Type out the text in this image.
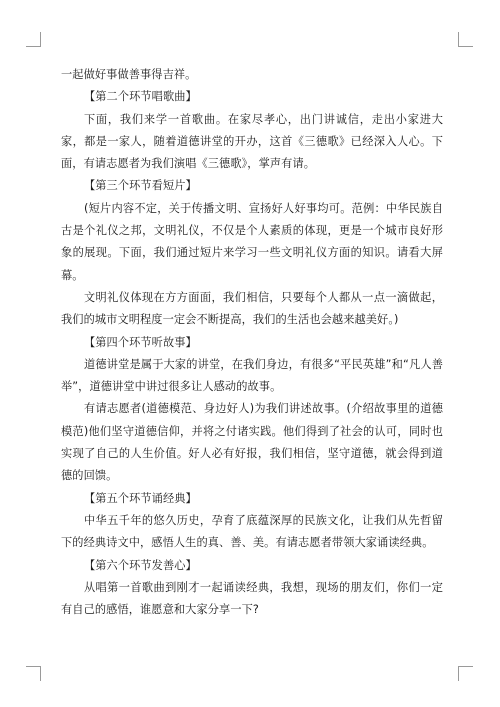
一起做好事做善事得吉祥。

【第二个环节唱歌曲】

下面，我们来学一首歌曲。在家尽孝心，出门讲诚信，走出小家进大家，都是一家人，随着道德讲堂的开办，这首《三德歌》已经深入人心。下面，有请志愿者为我们演唱《三德歌》，掌声有请。

【第三个环节看短片】

(短片内容不定，关于传播文明、宣扬好人好事均可。范例：中华民族自古是个礼仪之邦，文明礼仪，不仅是个人素质的体现，更是一个城市良好形象的展现。下面，我们通过短片来学习一些文明礼仪方面的知识。请看大屏幕。

文明礼仪体现在方方面面，我们相信，只要每个人都从一点一滴做起，我们的城市文明程度一定会不断提高，我们的生活也会越来越美好。)

【第四个环节听故事】

道德讲堂是属于大家的讲堂，在我们身边，有很多“平民英雄”和“凡人善举”，道德讲堂中讲过很多让人感动的故事。

有请志愿者(道德模范、身边好人)为我们讲述故事。(介绍故事里的道德模范)他们坚守道德信仰，并将之付诸实践。他们得到了社会的认可，同时也实现了自己的人生价值。好人必有好报，我们相信，坚守道德，就会得到道德的回馈。

【第五个环节诵经典】

中华五千年的悠久历史，孕育了底蕴深厚的民族文化，让我们从先哲留下的经典诗文中，感悟人生的真、善、美。有请志愿者带领大家诵读经典。

【第六个环节发善心】

从唱第一首歌曲到刚才一起诵读经典，我想，现场的朋友们，你们一定有自己的感悟，谁愿意和大家分享一下?
